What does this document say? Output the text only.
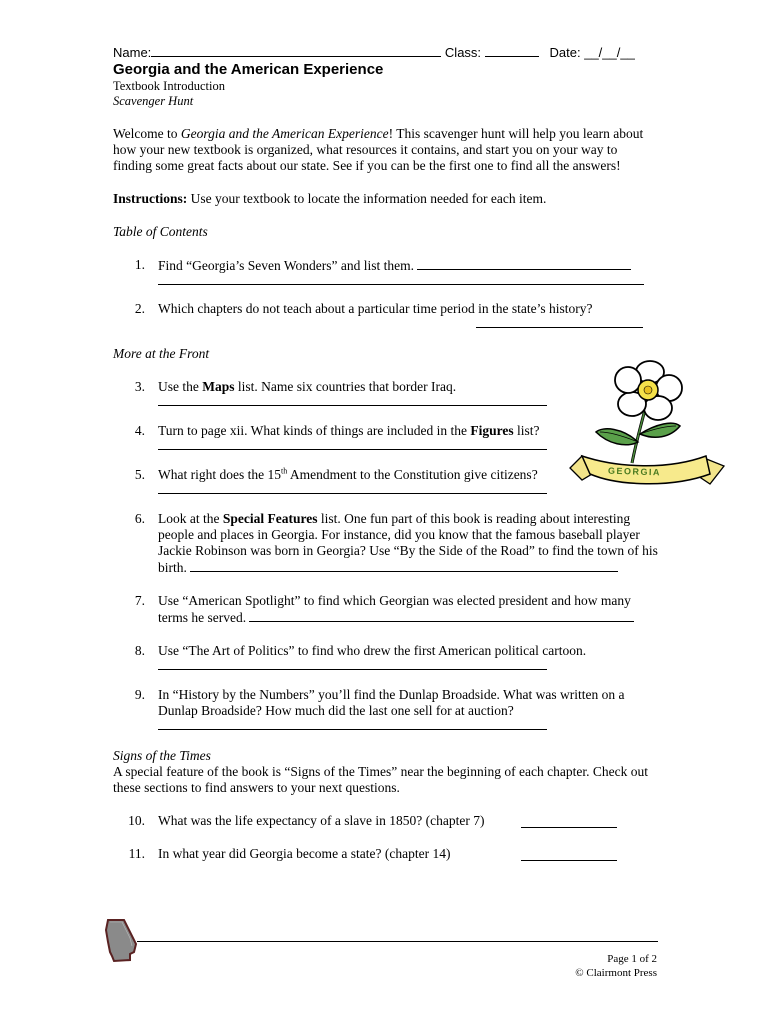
Name:	Class:	Date: __/__/__
Georgia and the American Experience
Textbook Introduction
Scavenger Hunt
Welcome to Georgia and the American Experience! This scavenger hunt will help you learn about how your new textbook is organized, what resources it contains, and start you on your way to finding some great facts about our state. See if you can be the first one to find all the answers!
Instructions: Use your textbook to locate the information needed for each item.
Table of Contents
1. Find “Georgia’s Seven Wonders” and list them.
2. Which chapters do not teach about a particular time period in the state’s history?
More at the Front
3. Use the Maps list. Name six countries that border Iraq.
4. Turn to page xii. What kinds of things are included in the Figures list?
5. What right does the 15th Amendment to the Constitution give citizens?
6. Look at the Special Features list. One fun part of this book is reading about interesting people and places in Georgia. For instance, did you know that the famous baseball player Jackie Robinson was born in Georgia? Use “By the Side of the Road” to find the town of his birth.
7. Use “American Spotlight” to find which Georgian was elected president and how many terms he served.
8. Use “The Art of Politics” to find who drew the first American political cartoon.
9. In “History by the Numbers” you’ll find the Dunlap Broadside. What was written on a Dunlap Broadside? How much did the last one sell for at auction?
Signs of the Times
A special feature of the book is “Signs of the Times” near the beginning of each chapter. Check out these sections to find answers to your next questions.
10. What was the life expectancy of a slave in 1850? (chapter 7)
11. In what year did Georgia become a state? (chapter 14)
GEORGIA
Page 1 of 2
© Clairmont Press
